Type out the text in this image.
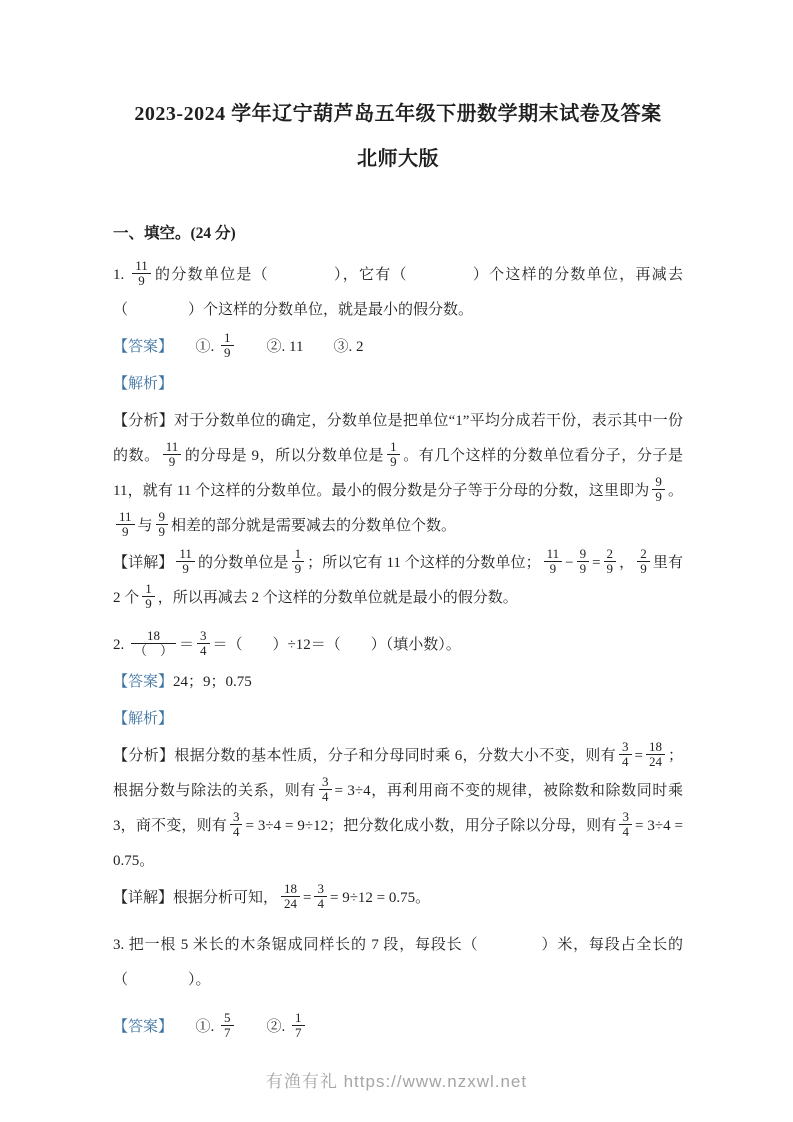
2023-2024 学年辽宁葫芦岛五年级下册数学期末试卷及答案
北师大版
一、填空。(24 分)
1. $\frac{11}{9}$ 的分数单位是（　　　　），它有（　　　　）个这样的分数单位，再减去（　　　　）个这样的分数单位，就是最小的假分数。
【答案】　　①. $\frac{1}{9}$ 　　②. 11　　③. 2
【解析】
【分析】对于分数单位的确定，分数单位是把单位“1”平均分成若干份，表示其中一份的数。 $\frac{11}{9}$ 的分母是 9，所以分数单位是 $\frac{1}{9}$ 。有几个这样的分数单位看分子，分子是 11，就有 11 个这样的分数单位。最小的假分数是分子等于分母的分数，这里即为 $\frac{9}{9}$ 。
$\frac{11}{9}$ 与 $\frac{9}{9}$ 相差的部分就是需要减去的分数单位个数。
【详解】 $\frac{11}{9}$ 的分数单位是 $\frac{1}{9}$ ；所以它有 11 个这样的分数单位； $\frac{11}{9} - \frac{9}{9} = \frac{2}{9}$ ， $\frac{2}{9}$ 里有 2 个 $\frac{1}{9}$ ，所以再减去 2 个这样的分数单位就是最小的假分数。
2. $\frac{18}{( )} = \frac{3}{4}$ ＝（　　）÷12＝（　　）（填小数）。
【答案】24；9；0.75
【解析】
【分析】根据分数的基本性质，分子和分母同时乘 6，分数大小不变，则有 $\frac{3}{4} = \frac{18}{24}$ ；根据分数与除法的关系，则有 $\frac{3}{4} = 3\div 4$，再利用商不变的规律，被除数和除数同时乘 3，商不变，则有 $\frac{3}{4} = 3\div 4 = 9\div 12$；把分数化成小数，用分子除以分母，则有 $\frac{3}{4} = 3\div 4 = 0.75$。
【详解】根据分析可知， $\frac{18}{24} = \frac{3}{4} = 9\div 12 = 0.75$。
3. 把一根 5 米长的木条锯成同样长的 7 段，每段长（　　　　）米，每段占全长的（　　　　）。
【答案】　　①. $\frac{5}{7}$ 　　②. $\frac{1}{7}$
有渔有礼 https://www.nzxwl.net
